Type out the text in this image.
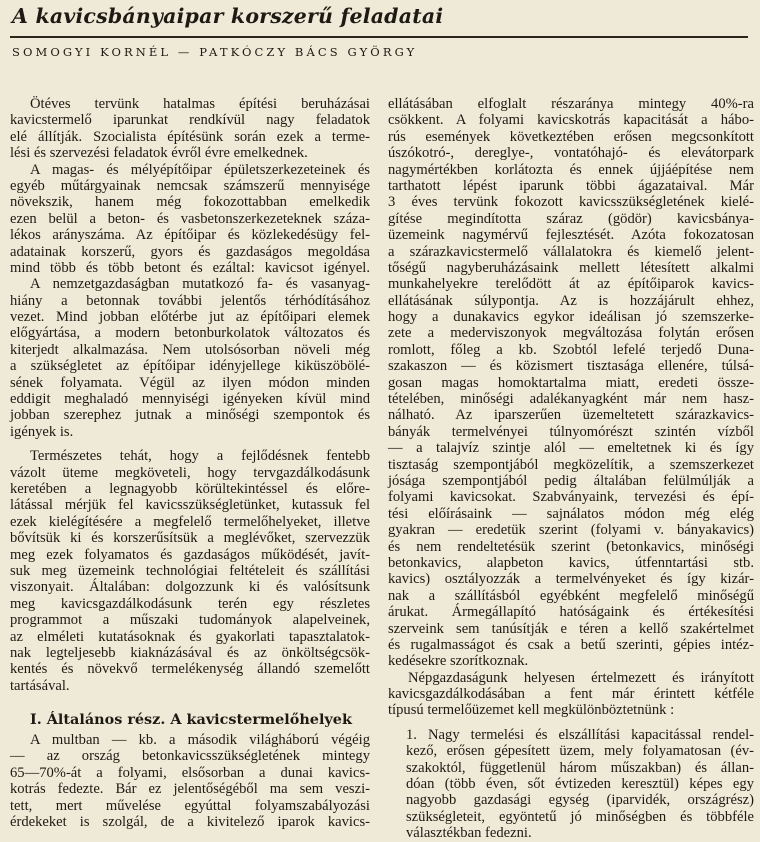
A kavicsbányaipar korszerű feladatai
SOMOGYI KORNÉL — PATKÓCZY BÁCS GYÖRGY
Ötéves tervünk hatalmas építési beruházásai
kavicstermelő iparunkat rendkívül nagy feladatok
elé állítják. Szocialista építésünk során ezek a terme-
lési és szervezési feladatok évről évre emelkednek.
A magas- és mélyépítőipar épületszerkezeteinek és
egyéb műtárgyainak nemcsak számszerű mennyisége
növekszik, hanem még fokozottabban emelkedik
ezen belül a beton- és vasbetonszerkezeteknek száza-
lékos arányszáma. Az építőipar és közlekedésügy fel-
adatainak korszerű, gyors és gazdaságos megoldása
mind több és több betont és ezáltal: kavicsot igényel.
A nemzetgazdaságban mutatkozó fa- és vasanyag-
hiány a betonnak további jelentős térhódításához
vezet. Mind jobban előtérbe jut az építőipari elemek
előgyártása, a modern betonburkolatok változatos és
kiterjedt alkalmazása. Nem utolsósorban növeli még
a szükségletet az építőipar idényjellege kiküszöbölé-
sének folyamata. Végül az ilyen módon minden
eddigit meghaladó mennyiségi igényeken kívül mind
jobban szerephez jutnak a minőségi szempontok és
igények is.
Természetes tehát, hogy a fejlődésnek fentebb
vázolt üteme megköveteli, hogy tervgazdálkodásunk
keretében a legnagyobb körültekintéssel és előre-
látással mérjük fel kavicsszükségletünket, kutassuk fel
ezek kielégítésére a megfelelő termelőhelyeket, illetve
bővítsük ki és korszerűsítsük a meglévőket, szervezzük
meg ezek folyamatos és gazdaságos működését, javít-
suk meg üzemeink technológiai feltételeit és szállítási
viszonyait. Általában: dolgozzunk ki és valósítsunk
meg kavicsgazdálkodásunk terén egy részletes
programmot a műszaki tudományok alapelveinek,
az elméleti kutatásoknak és gyakorlati tapasztalatok-
nak legteljesebb kiaknázásával és az önköltségcsök-
kentés és növekvő termelékenység állandó szemelőtt
tartásával.
I. Általános rész. A kavicstermelőhelyek
A multban — kb. a második világháború végéig
— az ország betonkavicsszükségletének mintegy
65—70%-át a folyami, elsősorban a dunai kavics-
kotrás fedezte. Bár ez jelentőségéből ma sem veszi-
tett, mert művelése egyúttal folyamszabályozási
érdekeket is szolgál, de a kivitelező iparok kavics-
ellátásában elfoglalt részaránya mintegy 40%-ra
csökkent. A folyami kavicskotrás kapacitását a hábo-
rús események következtében erősen megcsonkított
úszókotró-, dereglye-, vontatóhajó- és elevátorpark
nagymértékben korlátozta és ennek újjáépítése nem
tarthatott lépést iparunk többi ágazataival. Már
3 éves tervünk fokozott kavicsszükségletének kielé-
gítése megindította száraz (gödör) kavicsbánya-
üzemeink nagymérvű fejlesztését. Azóta fokozatosan
a szárazkavicstermelő vállalatokra és kiemelő jelent-
tőségű nagyberuházásaink mellett létesített alkalmi
munkahelyekre terelődött át az építőiparok kavics-
ellátásának súlypontja. Az is hozzájárult ehhez,
hogy a dunakavics egykor ideálisan jó szemszerke-
zete a mederviszonyok megváltozása folytán erősen
romlott, főleg a kb. Szobtól lefelé terjedő Duna-
szakaszon — és közismert tisztasága ellenére, túlsá-
gosan magas homoktartalma miatt, eredeti össze-
tételében, minőségi adalékanyagként már nem hasz-
nálható. Az iparszerűen üzemeltetett szárazkavics-
bányák termelvényei túlnyomórészt szintén vízből
— a talajvíz szintje alól — emeltetnek ki és így
tisztaság szempontjából megközelítik, a szemszerkezet
jósága szempontjából pedig általában felülmúlják a
folyami kavicsokat. Szabványaink, tervezési és épí-
tési előírásaink — sajnálatos módon még elég
gyakran — eredetük szerint (folyami v. bányakavics)
és nem rendeltetésük szerint (betonkavics, minőségi
betonkavics, alapbeton kavics, útfenntartási stb.
kavics) osztályozzák a termelvényeket és így kizár-
nak a szállításból egyébként megfelelő minőségű
árukat. Ármegállapító hatóságaink és értékesítési
szerveink sem tanúsítják e téren a kellő szakértelmet
és rugalmasságot és csak a betű szerinti, gépies intéz-
kedésekre szorítkoznak.
Népgazdaságunk helyesen értelmezett és irányított
kavicsgazdálkodásában a fent már érintett kétféle
típusú termelőüzemet kell megkülönböztetnünk :
1. Nagy termelési és elszállítási kapacitással rendel-
kező, erősen gépesített üzem, mely folyamatosan (év-
szakoktól, függetlenül három műszakban) és állan-
dóan (több éven, sőt évtizeden keresztül) képes egy
nagyobb gazdasági egység (iparvidék, országrész)
szükségleteit, egyöntetű jó minőségben és többféle
választékban fedezni.
